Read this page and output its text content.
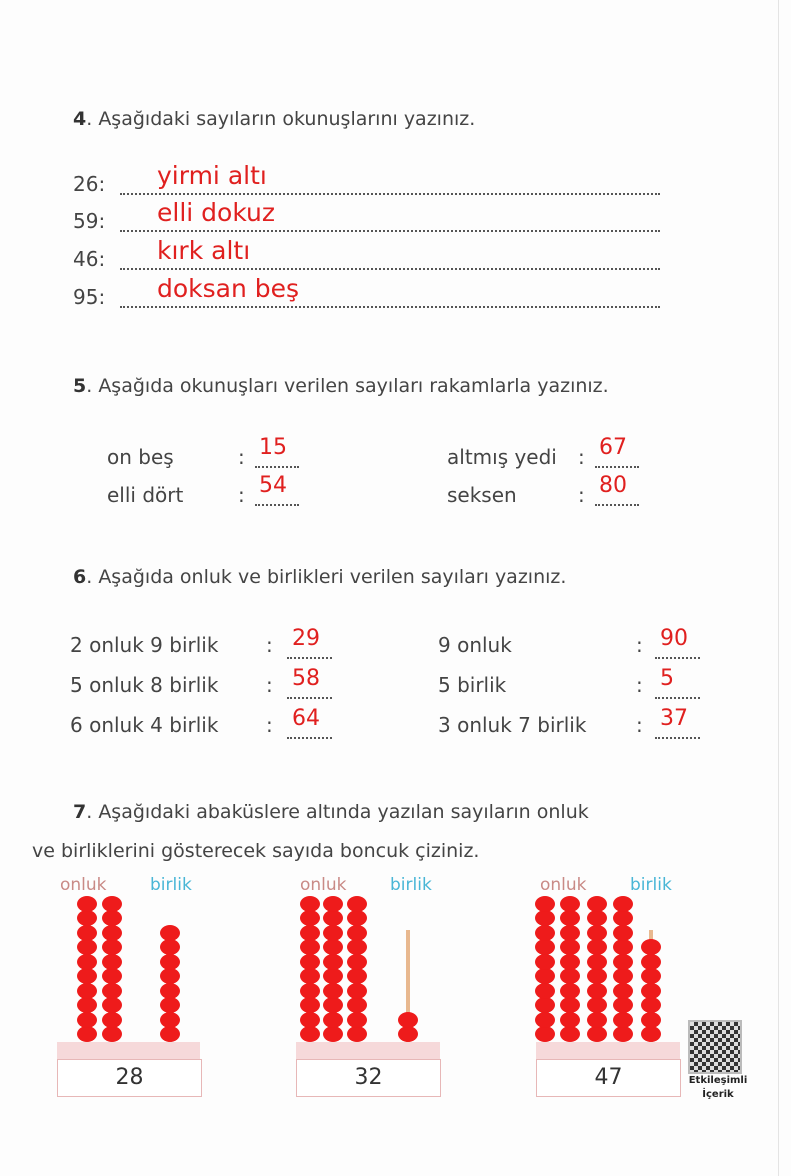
4. Aşağıdaki sayıların okunuşlarını yazınız.
26: yirmi altı
59: elli dokuz
46: kırk altı
95: doksan beş
5. Aşağıda okunuşları verilen sayıları rakamlarla yazınız.
on beş	: 15
elli dört	: 54
altmış yedi : 67
seksen	: 80
6. Aşağıda onluk ve birlikleri verilen sayıları yazınız.
2 onluk 9 birlik : 29
5 onluk 8 birlik : 58
6 onluk 4 birlik : 64
9 onluk	: 90
5 birlik	: 5
3 onluk 7 birlik : 37
7. Aşağıdaki abaküslere altında yazılan sayıların onluk
ve birliklerini gösterecek sayıda boncuk çiziniz.
onluk	birlik
28
onluk	birlik
32
onluk	birlik
47	Etkileşimli
İçerik
